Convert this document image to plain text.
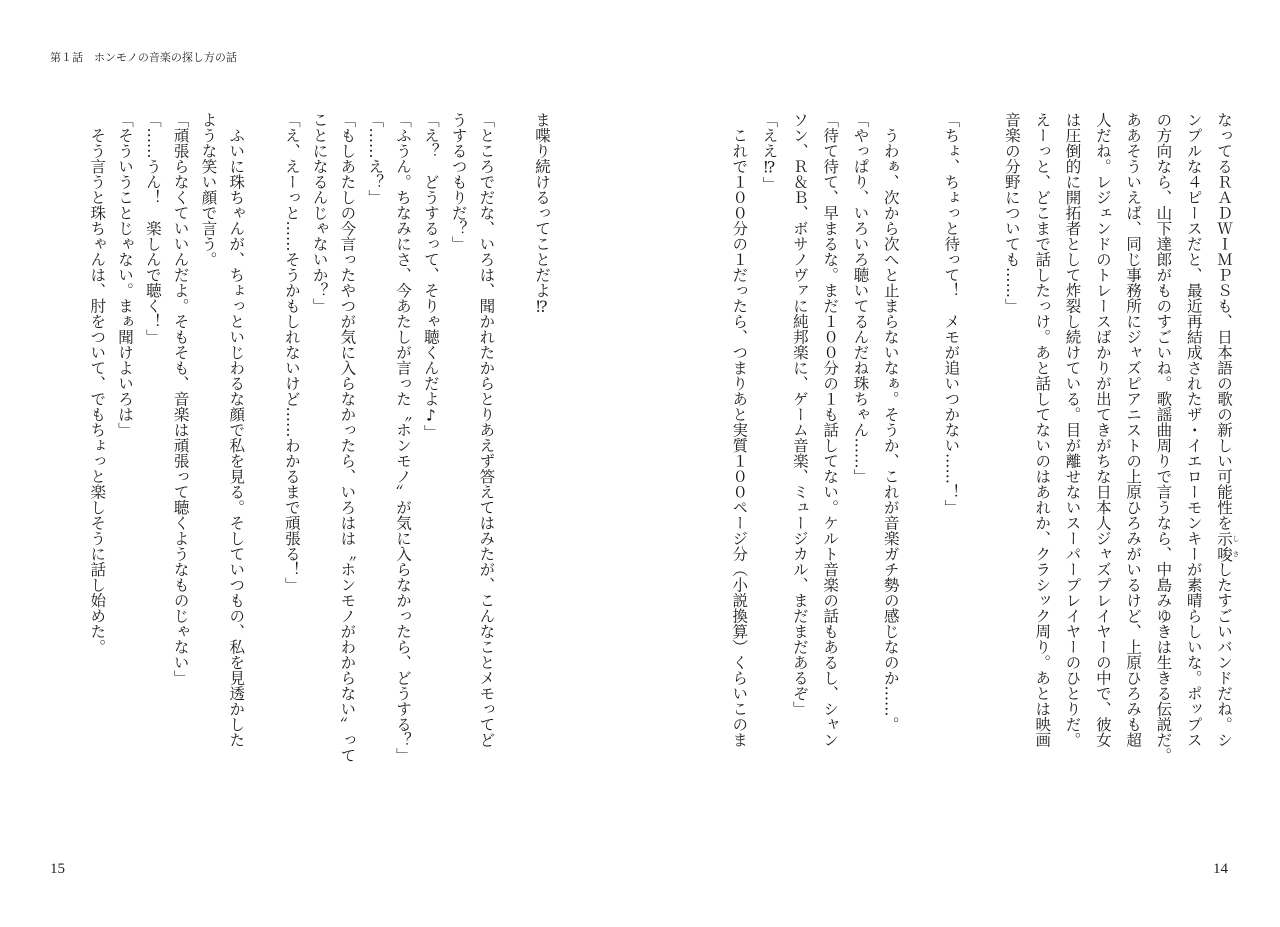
第１話　ホンモノの音楽の探し方の話
なってるＲＡＤＷＩＭＰＳも、日本語の歌の新しい可能性を示唆 しさしたすごいバンドだね。シ
ンプルな４ピースだと、最近再結成されたザ・イエローモンキーが素晴らしいな。ポップス
の方向なら、山下達郎がものすごいね。歌謡曲周りで言うなら、中島みゆきは生きる伝説だ。
ああそういえば、同じ事務所にジャズピアニストの上原ひろみがいるけど、上原ひろみも超
人だね。レジェンドのトレースばかりが出てきがちな日本人ジャズプレイヤーの中で、彼女
は圧倒的に開拓者として炸裂し続けている。目が離せないスーパープレイヤーのひとりだ。
えーっと、どこまで話したっけ。あと話してないのはあれか、クラシック周り。あとは映画
音楽の分野についても……」
「ちょ、ちょっと待って！　メモが追いつかない……！」
　うわぁ、次から次へと止まらないなぁ。そうか、これが音楽ガチ勢の感じなのか……。
「やっぱり、いろいろ聴いてるんだね珠ちゃん……」
「待て待て、早まるな。まだ１００分の１も話してない。ケルト音楽の話もあるし、シャン
ソン、Ｒ＆Ｂ、ボサノヴァに純邦楽に、ゲーム音楽、ミュージカル、まだまだあるぞ」
「ええ⁉」
　これで１００分の１だったら、つまりあと実質１００ページ分（小説換算）くらいこのま
ま喋り続けるってことだよ⁉
「ところでだな、いろは、聞かれたからとりあえず答えてはみたが、こんなことメモってど
うするつもりだ？」
「え？　どうするって、そりゃ聴くんだよ♪」
「ふうん。ちなみにさ、今あたしが言った〝ホンモノ〟が気に入らなかったら、どうする？」
「……え？」
「もしあたしの今言ったやつが気に入らなかったら、いろはは〝ホンモノがわからない〟って
ことになるんじゃないか？」
「え、えーっと……そうかもしれないけど……わかるまで頑張る！」
　ふいに珠ちゃんが、ちょっといじわるな顔で私を見る。そしていつもの、私を見透かした
ような笑い顔で言う。
「頑張らなくていいんだよ。そもそも、音楽は頑張って聴くようなものじゃない」
「……うん！　楽しんで聴く！」
「そういうことじゃない。まぁ聞けよいろは」
　そう言うと珠ちゃんは、肘をついて、でもちょっと楽しそうに話し始めた。
15	14
